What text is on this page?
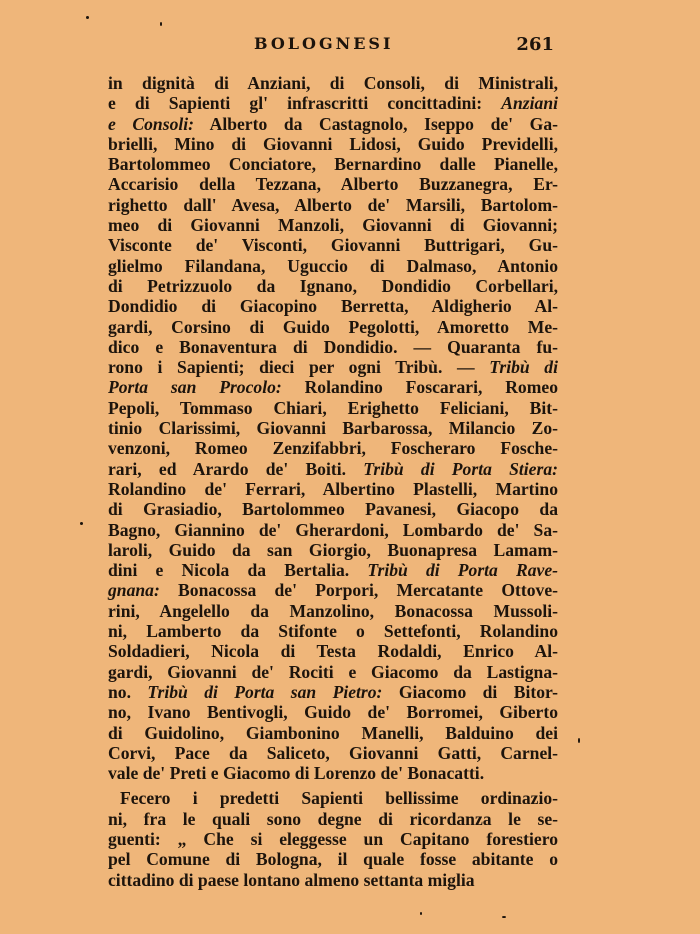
BOLOGNESI	261
in dignità di Anziani, di Consoli, di Ministrali,
e di Sapienti gl' infrascritti concittadini: Anziani
e Consoli: Alberto da Castagnolo, Iseppo de' Ga-
brielli, Mino di Giovanni Lidosi, Guido Previdelli,
Bartolommeo Conciatore, Bernardino dalle Pianelle,
Accarisio della Tezzana, Alberto Buzzanegra, Er-
righetto dall' Avesa, Alberto de' Marsili, Bartolom-
meo di Giovanni Manzoli, Giovanni di Giovanni;
Visconte de' Visconti, Giovanni Buttrigari, Gu-
glielmo Filandana, Uguccio di Dalmaso, Antonio
di Petrizzuolo da Ignano, Dondidio Corbellari,
Dondidio di Giacopino Berretta, Aldigherio Al-
gardi, Corsino di Guido Pegolotti, Amoretto Me-
dico e Bonaventura di Dondidio. — Quaranta fu-
rono i Sapienti; dieci per ogni Tribù. — Tribù di
Porta san Procolo: Rolandino Foscarari, Romeo
Pepoli, Tommaso Chiari, Erighetto Feliciani, Bit-
tinio Clarissimi, Giovanni Barbarossa, Milancio Zo-
venzoni, Romeo Zenzifabbri, Foscheraro Fosche-
rari, ed Arardo de' Boiti. Tribù di Porta Stiera:
Rolandino de' Ferrari, Albertino Plastelli, Martino
di Grasiadio, Bartolommeo Pavanesi, Giacopo da
Bagno, Giannino de' Gherardoni, Lombardo de' Sa-
laroli, Guido da san Giorgio, Buonapresa Lamam-
dini e Nicola da Bertalia. Tribù di Porta Rave-
gnana: Bonacossa de' Porpori, Mercatante Ottove-
rini, Angelello da Manzolino, Bonacossa Mussoli-
ni, Lamberto da Stifonte o Settefonti, Rolandino
Soldadieri, Nicola di Testa Rodaldi, Enrico Al-
gardi, Giovanni de' Rociti e Giacomo da Lastigna-
no. Tribù di Porta san Pietro: Giacomo di Bitor-
no, Ivano Bentivogli, Guido de' Borromei, Giberto
di Guidolino, Giambonino Manelli, Balduino dei
Corvi, Pace da Saliceto, Giovanni Gatti, Carnel-
vale de' Preti e Giacomo di Lorenzo de' Bonacatti.
Fecero i predetti Sapienti bellissime ordinazio-
ni, fra le quali sono degne di ricordanza le se-
guenti: „ Che si eleggesse un Capitano forestiero
pel Comune di Bologna, il quale fosse abitante o
cittadino di paese lontano almeno settanta miglia
